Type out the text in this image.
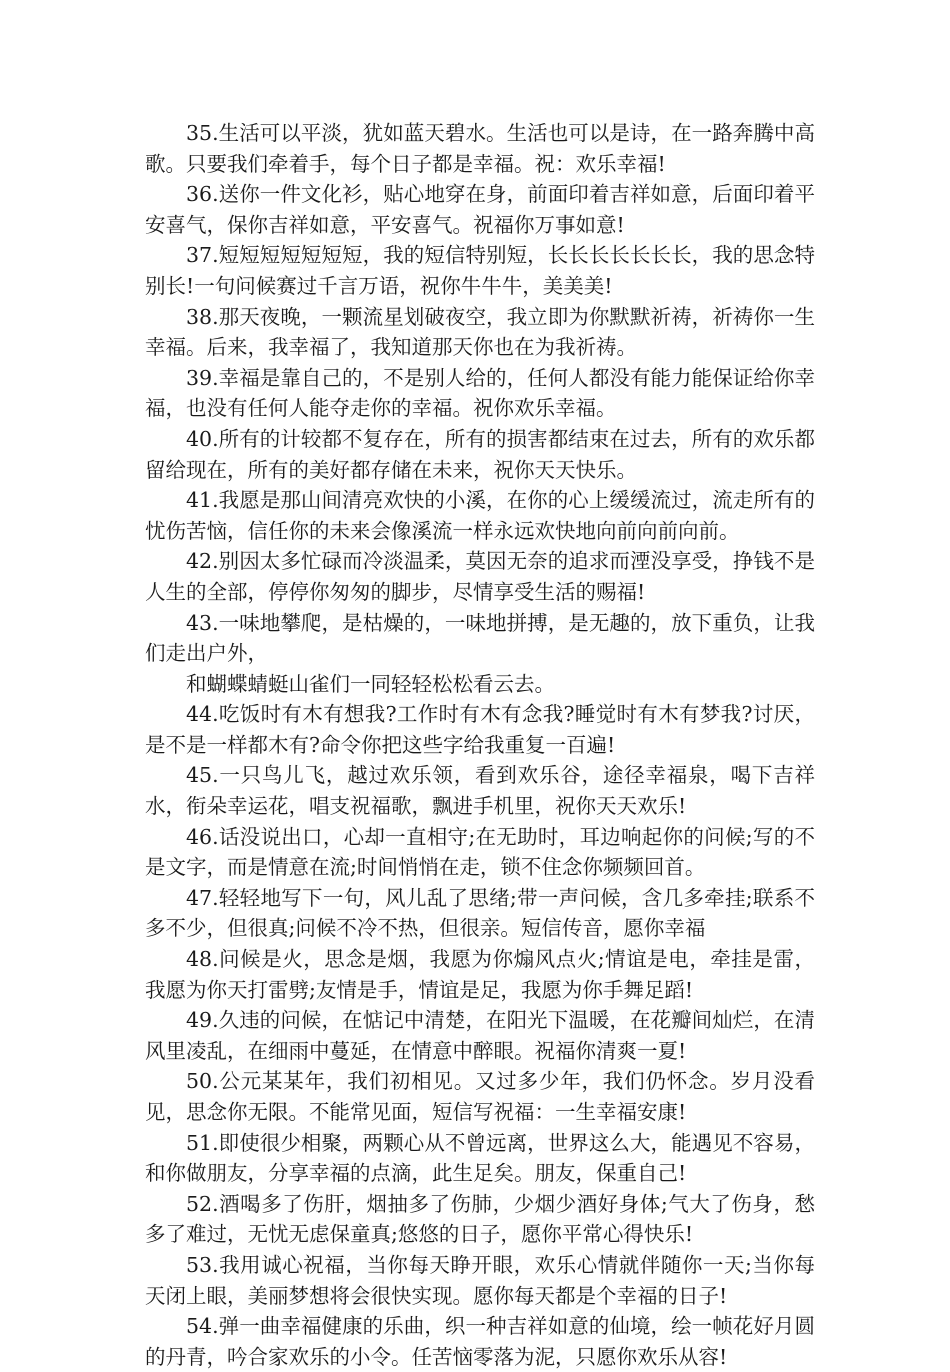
35.生活可以平淡，犹如蓝天碧水。生活也可以是诗，在一路奔腾中高歌。只要我们牵着手，每个日子都是幸福。祝：欢乐幸福!

36.送你一件文化衫，贴心地穿在身，前面印着吉祥如意，后面印着平安喜气，保你吉祥如意，平安喜气。祝福你万事如意!

37.短短短短短短短，我的短信特别短，长长长长长长长，我的思念特别长!一句问候赛过千言万语，祝你牛牛牛，美美美!

38.那天夜晚，一颗流星划破夜空，我立即为你默默祈祷，祈祷你一生幸福。后来，我幸福了，我知道那天你也在为我祈祷。

39.幸福是靠自己的，不是别人给的，任何人都没有能力能保证给你幸福，也没有任何人能夺走你的幸福。祝你欢乐幸福。

40.所有的计较都不复存在，所有的损害都结束在过去，所有的欢乐都留给现在，所有的美好都存储在未来，祝你天天快乐。

41.我愿是那山间清亮欢快的小溪，在你的心上缓缓流过，流走所有的忧伤苦恼，信任你的未来会像溪流一样永远欢快地向前向前向前。

42.别因太多忙碌而冷淡温柔，莫因无奈的追求而湮没享受，挣钱不是人生的全部，停停你匆匆的脚步，尽情享受生活的赐福!

43.一味地攀爬，是枯燥的，一味地拼搏，是无趣的，放下重负，让我们走出户外，

和蝴蝶蜻蜓山雀们一同轻轻松松看云去。

44.吃饭时有木有想我?工作时有木有念我?睡觉时有木有梦我?讨厌，是不是一样都木有?命令你把这些字给我重复一百遍!

45.一只鸟儿飞，越过欢乐领，看到欢乐谷，途径幸福泉，喝下吉祥水，衔朵幸运花，唱支祝福歌，飘进手机里，祝你天天欢乐!

46.话没说出口，心却一直相守;在无助时，耳边响起你的问候;写的不是文字，而是情意在流;时间悄悄在走，锁不住念你频频回首。

47.轻轻地写下一句，风儿乱了思绪;带一声问候，含几多牵挂;联系不多不少，但很真;问候不冷不热，但很亲。短信传音，愿你幸福

48.问候是火，思念是烟，我愿为你煽风点火;情谊是电，牵挂是雷，我愿为你天打雷劈;友情是手，情谊是足，我愿为你手舞足蹈!

49.久违的问候，在惦记中清楚，在阳光下温暖，在花瓣间灿烂，在清风里凌乱，在细雨中蔓延，在情意中醉眼。祝福你清爽一夏!

50.公元某某年，我们初相见。又过多少年，我们仍怀念。岁月没看见，思念你无限。不能常见面，短信写祝福：一生幸福安康!

51.即使很少相聚，两颗心从不曾远离，世界这么大，能遇见不容易，和你做朋友，分享幸福的点滴，此生足矣。朋友，保重自己!

52.酒喝多了伤肝，烟抽多了伤肺，少烟少酒好身体;气大了伤身，愁多了难过，无忧无虑保童真;悠悠的日子，愿你平常心得快乐!

53.我用诚心祝福，当你每天睁开眼，欢乐心情就伴随你一天;当你每天闭上眼，美丽梦想将会很快实现。愿你每天都是个幸福的日子!

54.弹一曲幸福健康的乐曲，织一种吉祥如意的仙境，绘一帧花好月圆的丹青，吟合家欢乐的小令。任苦恼零落为泥，只愿你欢乐从容!
